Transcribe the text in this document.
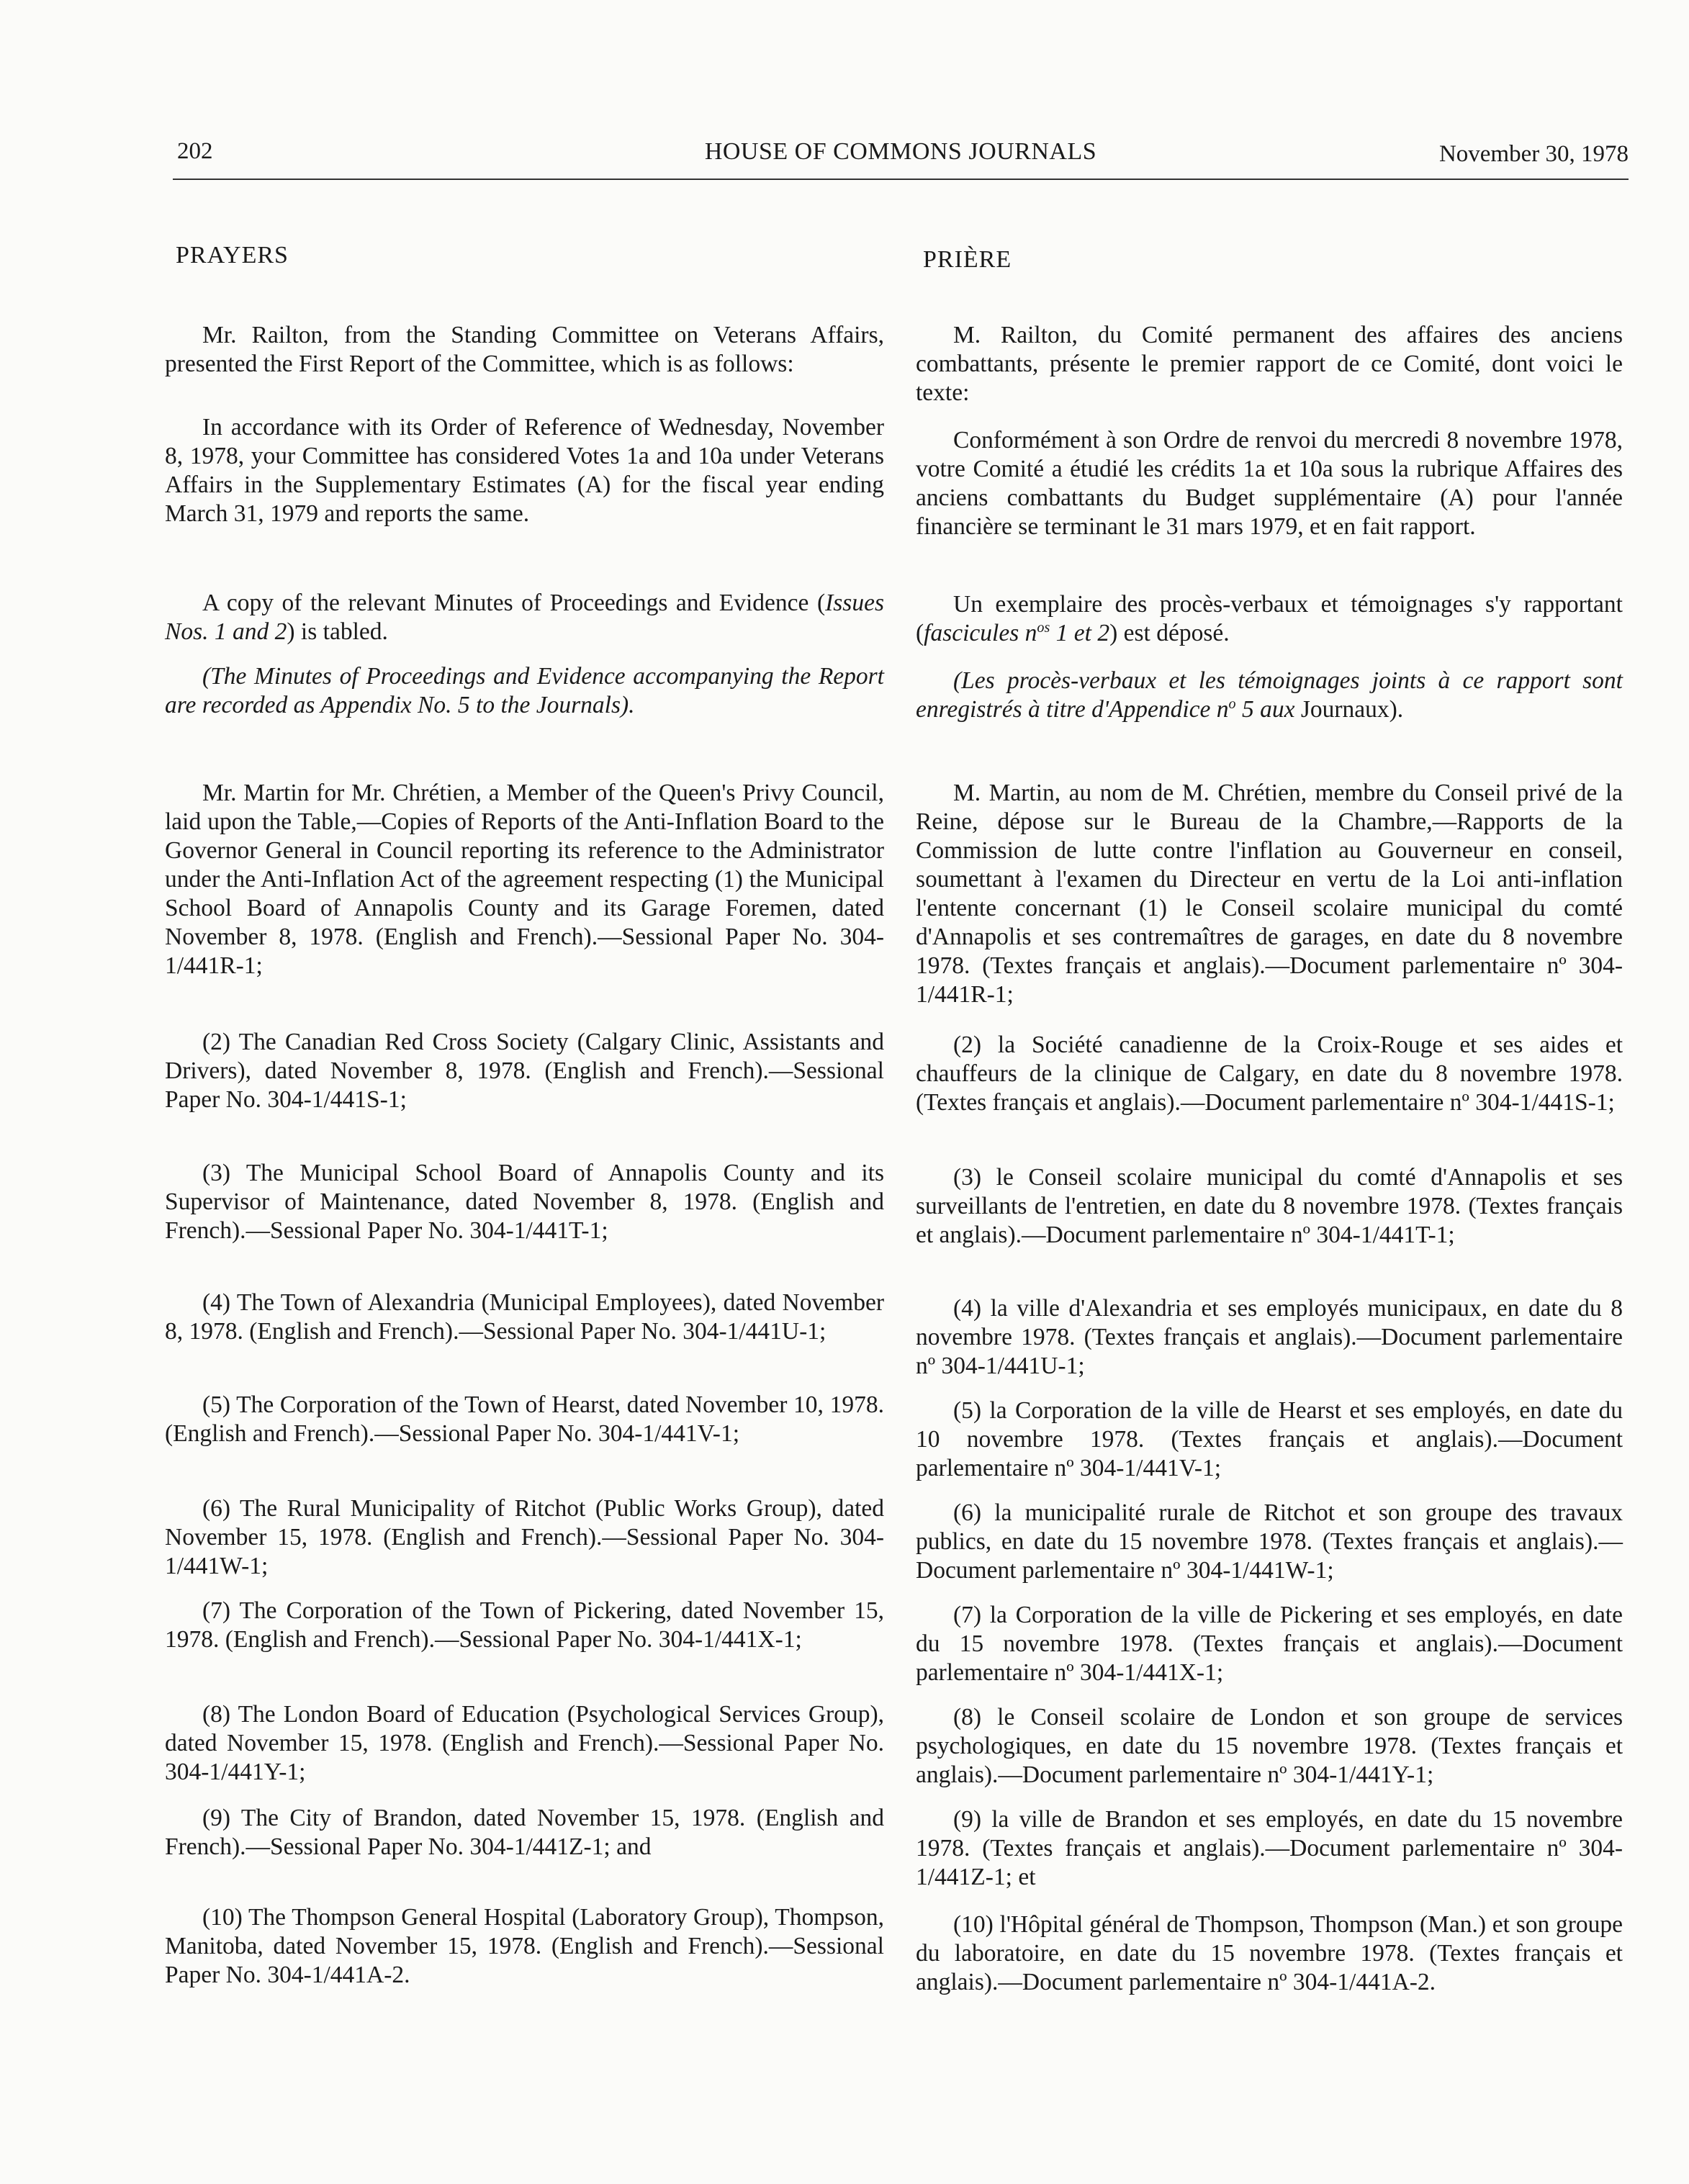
202	HOUSE OF COMMONS JOURNALS	November 30, 1978
PRAYERS

Mr. Railton, from the Standing Committee on Veterans Affairs, presented the First Report of the Committee, which is as follows:

In accordance with its Order of Reference of Wednesday, November 8, 1978, your Committee has considered Votes 1a and 10a under Veterans Affairs in the Supplementary Estimates (A) for the fiscal year ending March 31, 1979 and reports the same.

A copy of the relevant Minutes of Proceedings and Evidence (Issues Nos. 1 and 2) is tabled.

(The Minutes of Proceedings and Evidence accompanying the Report are recorded as Appendix No. 5 to the Journals).

Mr. Martin for Mr. Chrétien, a Member of the Queen's Privy Council, laid upon the Table,—Copies of Reports of the Anti-Inflation Board to the Governor General in Council reporting its reference to the Administrator under the Anti-Inflation Act of the agreement respecting (1) the Municipal School Board of Annapolis County and its Garage Foremen, dated November 8, 1978. (English and French).—Sessional Paper No. 304-1/441R-1;

(2) The Canadian Red Cross Society (Calgary Clinic, Assistants and Drivers), dated November 8, 1978. (English and French).—Sessional Paper No. 304-1/441S-1;

(3) The Municipal School Board of Annapolis County and its Supervisor of Maintenance, dated November 8, 1978. (English and French).—Sessional Paper No. 304-1/441T-1;

(4) The Town of Alexandria (Municipal Employees), dated November 8, 1978. (English and French).—Sessional Paper No. 304-1/441U-1;

(5) The Corporation of the Town of Hearst, dated November 10, 1978. (English and French).—Sessional Paper No. 304-1/441V-1;

(6) The Rural Municipality of Ritchot (Public Works Group), dated November 15, 1978. (English and French).—Sessional Paper No. 304-1/441W-1;

(7) The Corporation of the Town of Pickering, dated November 15, 1978. (English and French).—Sessional Paper No. 304-1/441X-1;

(8) The London Board of Education (Psychological Services Group), dated November 15, 1978. (English and French).—Sessional Paper No. 304-1/441Y-1;

(9) The City of Brandon, dated November 15, 1978. (English and French).—Sessional Paper No. 304-1/441Z-1; and

(10) The Thompson General Hospital (Laboratory Group), Thompson, Manitoba, dated November 15, 1978. (English and French).—Sessional Paper No. 304-1/441A-2.

PRIÈRE

M. Railton, du Comité permanent des affaires des anciens combattants, présente le premier rapport de ce Comité, dont voici le texte:

Conformément à son Ordre de renvoi du mercredi 8 novembre 1978, votre Comité a étudié les crédits 1a et 10a sous la rubrique Affaires des anciens combattants du Budget supplémentaire (A) pour l'année financière se terminant le 31 mars 1979, et en fait rapport.

Un exemplaire des procès-verbaux et témoignages s'y rapportant (fascicules $n^{os}$ 1 et 2) est déposé.

(Les procès-verbaux et les témoignages joints à ce rapport sont enregistrés à titre d'Appendice $n^o$ 5 aux Journaux).

M. Martin, au nom de M. Chrétien, membre du Conseil privé de la Reine, dépose sur le Bureau de la Chambre,—Rapports de la Commission de lutte contre l'inflation au Gouverneur en conseil, soumettant à l'examen du Directeur en vertu de la Loi anti-inflation l'entente concernant (1) le Conseil scolaire municipal du comté d'Annapolis et ses contremaîtres de garages, en date du 8 novembre 1978. (Textes français et anglais).—Document parlementaire nº 304-1/441R-1;

(2) la Société canadienne de la Croix-Rouge et ses aides et chauffeurs de la clinique de Calgary, en date du 8 novembre 1978. (Textes français et anglais).—Document parlementaire nº 304-1/441S-1;

(3) le Conseil scolaire municipal du comté d'Annapolis et ses surveillants de l'entretien, en date du 8 novembre 1978. (Textes français et anglais).—Document parlementaire nº 304-1/441T-1;

(4) la ville d'Alexandria et ses employés municipaux, en date du 8 novembre 1978. (Textes français et anglais).—Document parlementaire nº 304-1/441U-1;

(5) la Corporation de la ville de Hearst et ses employés, en date du 10 novembre 1978. (Textes français et anglais).—Document parlementaire nº 304-1/441V-1;

(6) la municipalité rurale de Ritchot et son groupe des travaux publics, en date du 15 novembre 1978. (Textes français et anglais).—Document parlementaire nº 304-1/441W-1;

(7) la Corporation de la ville de Pickering et ses employés, en date du 15 novembre 1978. (Textes français et anglais).—Document parlementaire nº 304-1/441X-1;

(8) le Conseil scolaire de London et son groupe de services psychologiques, en date du 15 novembre 1978. (Textes français et anglais).—Document parlementaire nº 304-1/441Y-1;

(9) la ville de Brandon et ses employés, en date du 15 novembre 1978. (Textes français et anglais).—Document parlementaire nº 304-1/441Z-1; et

(10) l'Hôpital général de Thompson, Thompson (Man.) et son groupe du laboratoire, en date du 15 novembre 1978. (Textes français et anglais).—Document parlementaire nº 304-1/441A-2.
